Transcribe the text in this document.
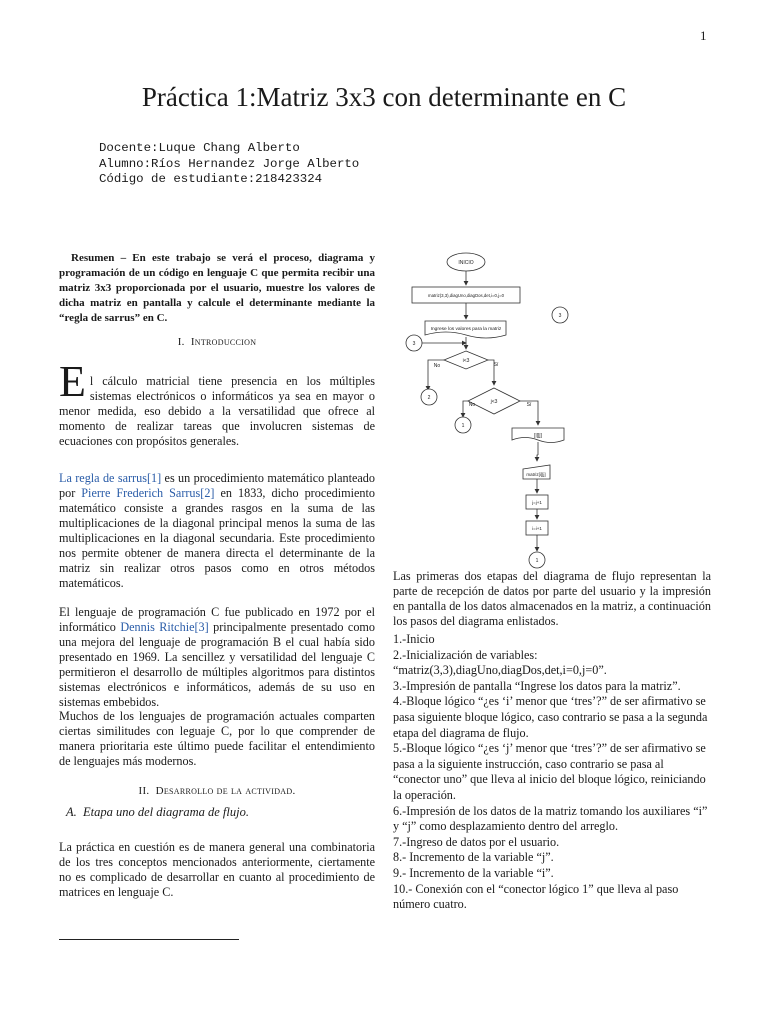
1
Práctica 1:Matriz 3x3 con determinante en C
Docente:Luque Chang Alberto
Alumno:Ríos Hernandez Jorge Alberto
Código de estudiante:218423324
Resumen – En este trabajo se verá el proceso, diagrama y programación de un código en lenguaje C que permita recibir una matriz 3x3 proporcionada por el usuario, muestre los valores de dicha matriz en pantalla y calcule el determinante mediante la “regla de sarrus” en C.
I. Introduccion

E l cálculo matricial tiene presencia en los múltiples sistemas electrónicos o informáticos ya sea en mayor o menor medida, eso debido a la versatilidad que ofrece al momento de realizar tareas que involucren sistemas de ecuaciones con propósitos generales.

La regla de sarrus[1] es un procedimiento matemático planteado por Pierre Frederich Sarrus[2] en 1833, dicho procedimiento matemático consiste a grandes rasgos en la suma de las multiplicaciones de la diagonal principal menos la suma de las multiplicaciones en la diagonal secundaria. Este procedimiento nos permite obtener de manera directa el determinante de la matriz sin realizar otros pasos como en otros métodos matemáticos.
El lenguaje de programación C fue publicado en 1972 por el informático Dennis Ritchie[3] principalmente presentado como una mejora del lenguaje de programación B el cual había sido presentado en 1969. La sencillez y versatilidad del lenguaje C permitieron el desarrollo de múltiples algoritmos para distintos sistemas electrónicos e informáticos, además de su uso en sistemas embebidos.
Muchos de los lenguajes de programación actuales comparten ciertas similitudes con leguaje C, por lo que comprender de manera prioritaria este último puede facilitar el entendimiento de lenguajes más modernos.
II. Desarrollo de la actividad.
A. Etapa uno del diagrama de flujo.
La práctica en cuestión es de manera general una combinatoria de los tres conceptos mencionados anteriormente, ciertamente no es complicado de desarrollar en cuanto al procedimiento de matrices en lenguaje C.
INICIO
matriz(3,3),diagUno,diagDos,det,i=0,j=0
Ingrese los valores para la matriz
i<3
j<3
No	Sí
No	Sí
[i][j]
matriz[i][j]
j=j+1
i=i+1
1
3
2
1
3
Las primeras dos etapas del diagrama de flujo representan la parte de recepción de datos por parte del usuario y la impresión en pantalla de los datos almacenados en la matriz, a continuación los pasos del diagrama enlistados.
1.-Inicio
2.-Inicialización de variables:
“matriz(3,3),diagUno,diagDos,det,i=0,j=0”.
3.-Impresión de pantalla “Ingrese los datos para la matriz”.
4.-Bloque lógico “¿es ‘i’ menor que ‘tres’?” de ser afirmativo se pasa siguiente bloque lógico, caso contrario se pasa a la segunda etapa del diagrama de flujo.
5.-Bloque lógico “¿es ‘j’ menor que ‘tres’?” de ser afirmativo se pasa a la siguiente instrucción, caso contrario se pasa al “conector uno” que lleva al inicio del bloque lógico, reiniciando la operación.
6.-Impresión de los datos de la matriz tomando los auxiliares “i” y “j” como desplazamiento dentro del arreglo.
7.-Ingreso de datos por el usuario.
8.- Incremento de la variable “j”.
9.- Incremento de la variable “i”.
10.- Conexión con el “conector lógico 1” que lleva al paso número cuatro.
